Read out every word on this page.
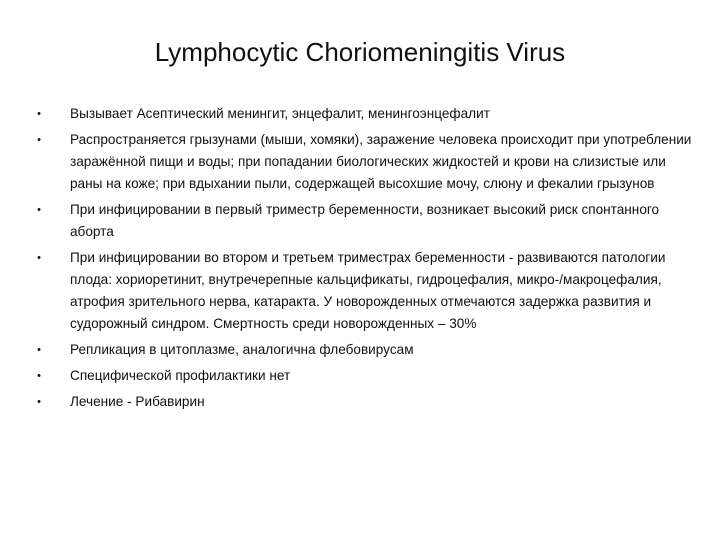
Lymphocytic Choriomeningitis Virus
• Вызывает Асептический менингит, энцефалит, менингоэнцефалит
• Распространяется грызунами (мыши, хомяки), заражение человека происходит при употреблении заражённой пищи и воды; при попадании биологических жидкостей и крови на слизистые или раны на коже; при вдыхании пыли, содержащей высохшие мочу, слюну и фекалии грызунов
• При инфицировании в первый триместр беременности, возникает высокий риск спонтанного аборта
• При инфицировании во втором и третьем триместрах беременности - развиваются патологии плода: хориоретинит, внутречерепные кальцификаты, гидроцефалия, микро-/макроцефалия, атрофия зрительного нерва, катаракта. У новорожденных отмечаются задержка развития и судорожный синдром. Смертность среди новорожденных – 30%
• Репликация в цитоплазме, аналогична флебовирусам
• Специфической профилактики нет
• Лечение - Рибавирин
